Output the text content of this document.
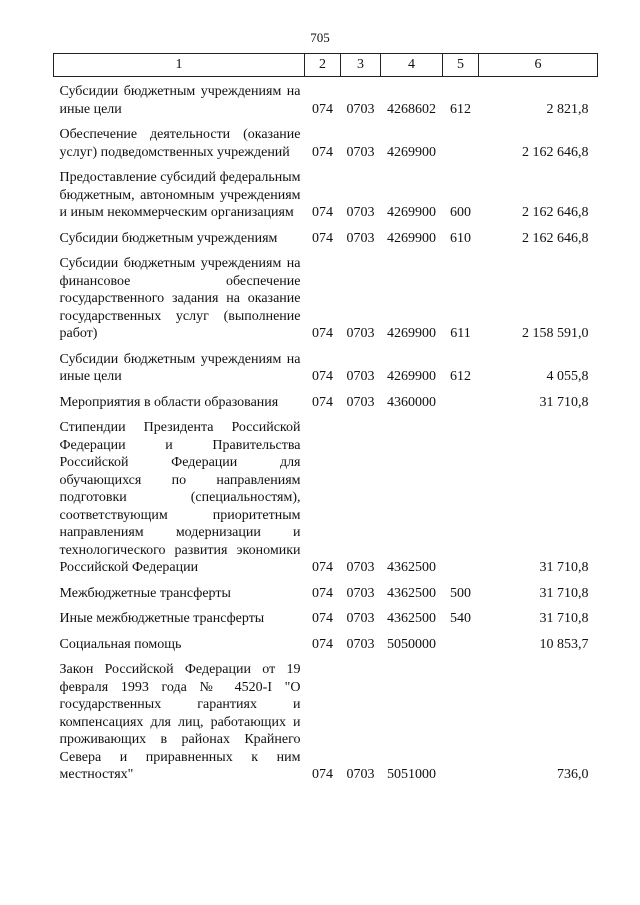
705
1	2	3	4	5	6
Субсидии бюджетным учреждениям на иные цели	074	0703	4268602	612	2 821,8
Обеспечение деятельности (оказание услуг) подведомственных учреждений	074	0703	4269900		2 162 646,8
Предоставление субсидий федеральным бюджетным, автономным учреждениям и иным некоммерческим организациям	074	0703	4269900	600	2 162 646,8
Субсидии бюджетным учреждениям	074	0703	4269900	610	2 162 646,8
Субсидии бюджетным учреждениям на финансовое обеспечение государственного задания на оказание государственных услуг (выполнение работ)	074	0703	4269900	611	2 158 591,0
Субсидии бюджетным учреждениям на иные цели	074	0703	4269900	612	4 055,8
Мероприятия в области образования	074	0703	4360000		31 710,8
Стипендии Президента Российской Федерации и Правительства Российской Федерации для обучающихся по направлениям подготовки (специальностям), соответствующим приоритетным направлениям модернизации и технологического развития экономики Российской Федерации	074	0703	4362500		31 710,8
Межбюджетные трансферты	074	0703	4362500	500	31 710,8
Иные межбюджетные трансферты	074	0703	4362500	540	31 710,8
Социальная помощь	074	0703	5050000		10 853,7
Закон Российской Федерации от 19 февраля 1993 года № 4520-I "О государственных гарантиях и компенсациях для лиц, работающих и проживающих в районах Крайнего Севера и приравненных к ним местностях"	074	0703	5051000		736,0
